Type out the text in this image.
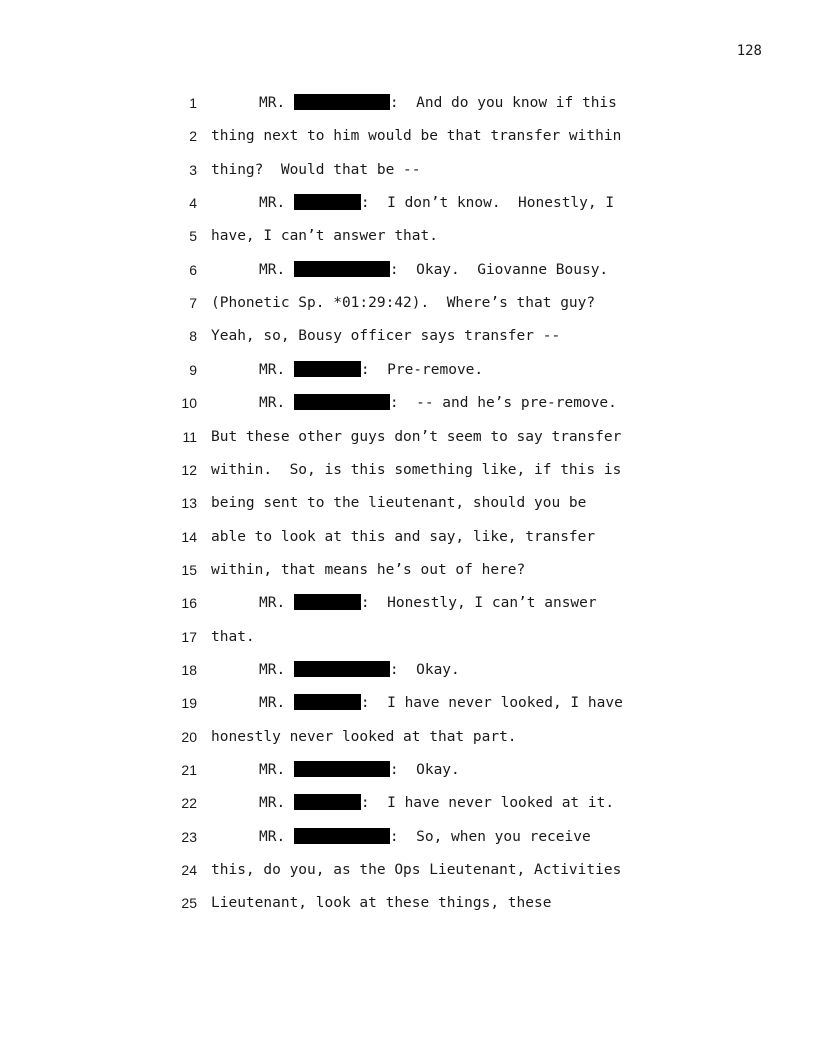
128
1	MR.	:  And do you know if this
2 thing next to him would be that transfer within
3 thing?  Would that be --
4	MR.	:  I don’t know.  Honestly, I
5 have, I can’t answer that.
6	MR.	:  Okay.  Giovanne Bousy.
7 (Phonetic Sp. *01:29:42).  Where’s that guy?
8 Yeah, so, Bousy officer says transfer --
9	MR.	:  Pre-remove.
10	MR.	:  -- and he’s pre-remove.
11 But these other guys don’t seem to say transfer
12 within.  So, is this something like, if this is
13 being sent to the lieutenant, should you be
14 able to look at this and say, like, transfer
15 within, that means he’s out of here?
16	MR.	:  Honestly, I can’t answer
17 that.
18	MR.	:  Okay.
19	MR.	:  I have never looked, I have
20 honestly never looked at that part.
21	MR.	:  Okay.
22	MR.	:  I have never looked at it.
23	MR.	:  So, when you receive
24 this, do you, as the Ops Lieutenant, Activities
25 Lieutenant, look at these things, these
